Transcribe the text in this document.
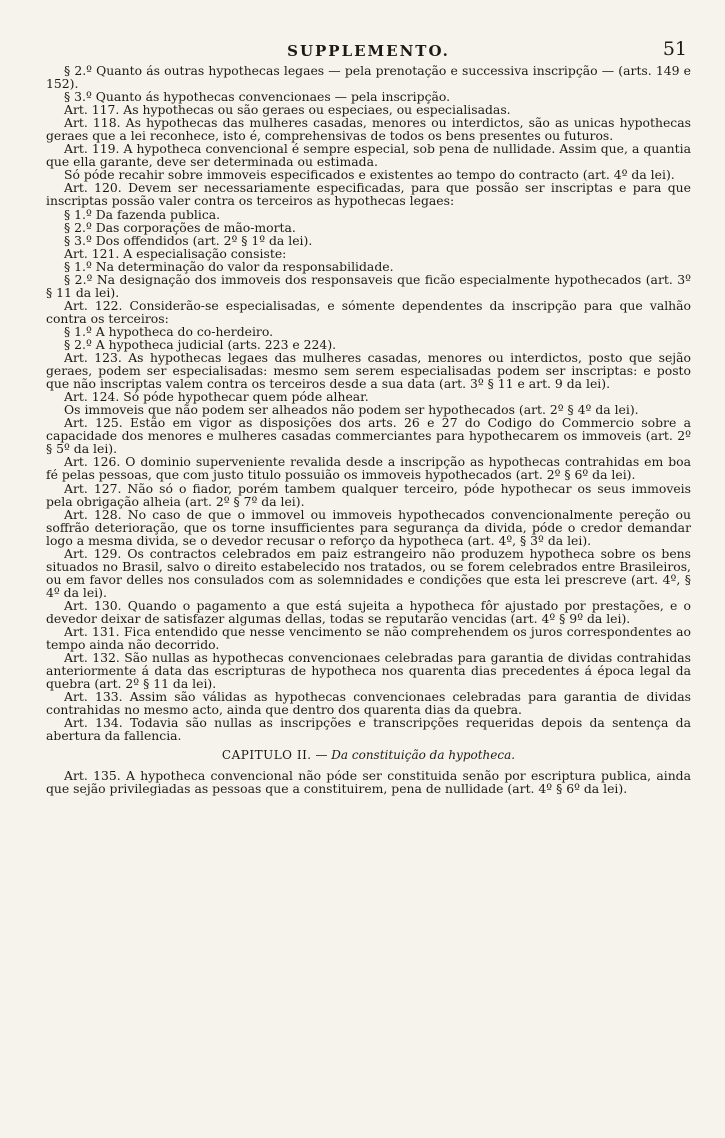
SUPPLEMENTO.	51

§ 2.º Quanto ás outras hypothecas legaes — pela prenotação e successiva inscripção — (arts. 149 e 152).

§ 3.º Quanto ás hypothecas convencionaes — pela inscripção.

Art. 117. As hypothecas ou são geraes ou especiaes, ou especialisadas.

Art. 118. As hypothecas das mulheres casadas, menores ou interdictos, são as unicas hypothecas geraes que a lei reconhece, isto é, comprehensivas de todos os bens presentes ou futuros.

Art. 119. A hypotheca convencional é sempre especial, sob pena de nullidade. Assim que, a quantia que ella garante, deve ser determinada ou estimada.

Só póde recahir sobre immoveis especificados e existentes ao tempo do contracto (art. 4º da lei).

Art. 120. Devem ser necessariamente especificadas, para que possão ser inscriptas e para que inscriptas possão valer contra os terceiros as hypothecas legaes:

§ 1.º Da fazenda publica.

§ 2.º Das corporações de mão-morta.

§ 3.º Dos offendidos (art. 2º § 1º da lei).

Art. 121. A especialisação consiste:

§ 1.º Na determinação do valor da responsabilidade.

§ 2.º Na designação dos immoveis dos responsaveis que ficão especialmente hypothecados (art. 3º § 11 da lei).

Art. 122. Considerão-se especialisadas, e sómente dependentes da inscripção para que valhão contra os terceiros:

§ 1.º A hypotheca do co-herdeiro.

§ 2.º A hypotheca judicial (arts. 223 e 224).

Art. 123. As hypothecas legaes das mulheres casadas, menores ou interdictos, posto que sejão geraes, podem ser especialisadas: mesmo sem serem especialisadas podem ser inscriptas: e posto que não inscriptas valem contra os terceiros desde a sua data (art. 3º § 11 e art. 9 da lei).

Art. 124. Só póde hypothecar quem póde alhear.

Os immoveis que não podem ser alheados não podem ser hypothecados (art. 2º § 4º da lei).

Art. 125. Estão em vigor as disposições dos arts. 26 e 27 do Codigo do Commercio sobre a capacidade dos menores e mulheres casadas commerciantes para hypothecarem os immoveis (art. 2º § 5º da lei).

Art. 126. O dominio superveniente revalida desde a inscripção as hypothecas contrahidas em boa fé pelas pessoas, que com justo titulo possuião os immoveis hypothecados (art. 2º § 6º da lei).

Art. 127. Não só o fiador, porém tambem qualquer terceiro, póde hypothecar os seus immoveis pela obrigação alheia (art. 2º § 7º da lei).

Art. 128. No caso de que o immovel ou immoveis hypothecados convencionalmente pereção ou soffrão deterioração, que os torne insufficientes para segurança da divida, póde o credor demandar logo a mesma divida, se o devedor recusar o reforço da hypotheca (art. 4º, § 3º da lei).

Art. 129. Os contractos celebrados em paiz estrangeiro não produzem hypotheca sobre os bens situados no Brasil, salvo o direito estabelecido nos tratados, ou se forem celebrados entre Brasileiros, ou em favor delles nos consulados com as solemnidades e condições que esta lei prescreve (art. 4º, § 4º da lei).

Art. 130. Quando o pagamento a que está sujeita a hypotheca fôr ajustado por prestações, e o devedor deixar de satisfazer algumas dellas, todas se reputarão vencidas (art. 4º § 9º da lei).

Art. 131. Fica entendido que nesse vencimento se não comprehendem os juros correspondentes ao tempo ainda não decorrido.

Art. 132. São nullas as hypothecas convencionaes celebradas para garantia de dividas contrahidas anteriormente á data das escripturas de hypotheca nos quarenta dias precedentes á época legal da quebra (art. 2º § 11 da lei).

Art. 133. Assim são válidas as hypothecas convencionaes celebradas para garantia de dividas contrahidas no mesmo acto, ainda que dentro dos quarenta dias da quebra.

Art. 134. Todavia são nullas as inscripções e transcripções requeridas depois da sentença da abertura da fallencia.

CAPITULO II. — Da constituição da hypotheca.

Art. 135. A hypotheca convencional não póde ser constituida senão por escriptura publica, ainda que sejão privilegiadas as pessoas que a constituirem, pena de nullidade (art. 4º § 6º da lei).
